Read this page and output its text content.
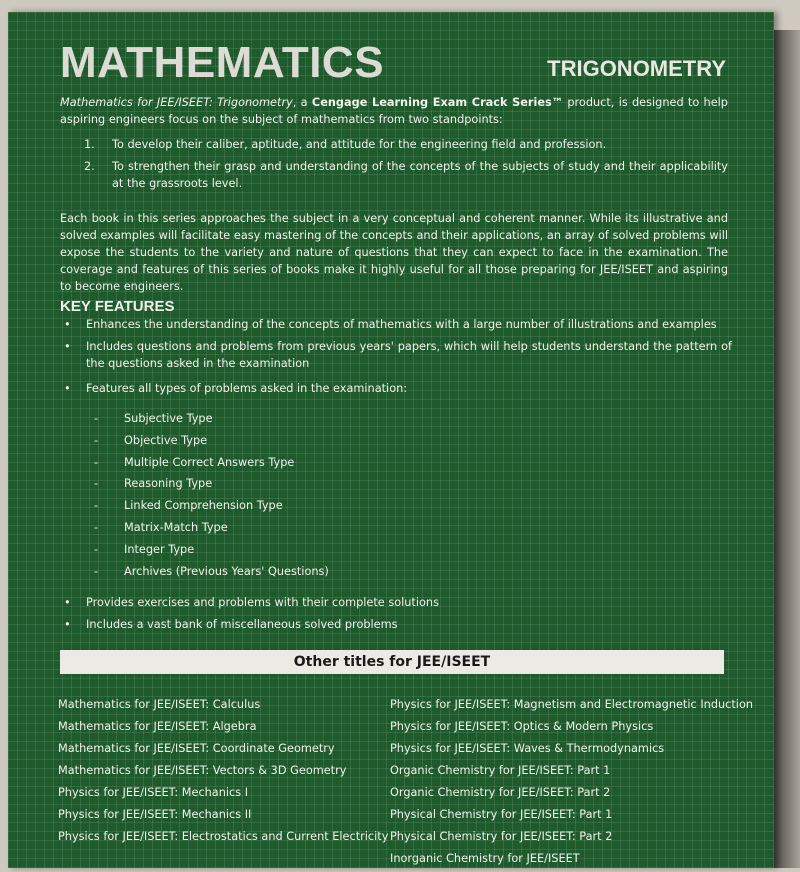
MATHEMATICS	TRIGONOMETRY
Mathematics for JEE/ISEET: Trigonometry, a Cengage Learning Exam Crack Series™ product, is designed to help aspiring engineers focus on the subject of mathematics from two standpoints:
1.	To develop their caliber, aptitude, and attitude for the engineering field and profession.
2.	To strengthen their grasp and understanding of the concepts of the subjects of study and their applicability at the grassroots level.
Each book in this series approaches the subject in a very conceptual and coherent manner. While its illustrative and solved examples will facilitate easy mastering of the concepts and their applications, an array of solved problems will expose the students to the variety and nature of questions that they can expect to face in the examination. The coverage and features of this series of books make it highly useful for all those preparing for JEE/ISEET and aspiring to become engineers.
KEY FEATURES
•	Enhances the understanding of the concepts of mathematics with a large number of illustrations and examples
•	Includes questions and problems from previous years' papers, which will help students understand the pattern of the questions asked in the examination
•	Features all types of problems asked in the examination:
-	Subjective Type
-	Objective Type
-	Multiple Correct Answers Type
-	Reasoning Type
-	Linked Comprehension Type
-	Matrix-Match Type
-	Integer Type
-	Archives (Previous Years' Questions)
•	Provides exercises and problems with their complete solutions
•	Includes a vast bank of miscellaneous solved problems
Other titles for JEE/ISEET
Mathematics for JEE/ISEET: Calculus
Mathematics for JEE/ISEET: Algebra
Mathematics for JEE/ISEET: Coordinate Geometry
Mathematics for JEE/ISEET: Vectors & 3D Geometry
Physics for JEE/ISEET: Mechanics I
Physics for JEE/ISEET: Mechanics II
Physics for JEE/ISEET: Electrostatics and Current Electricity
Physics for JEE/ISEET: Magnetism and Electromagnetic Induction
Physics for JEE/ISEET: Optics & Modern Physics
Physics for JEE/ISEET: Waves & Thermodynamics
Organic Chemistry for JEE/ISEET: Part 1
Organic Chemistry for JEE/ISEET: Part 2
Physical Chemistry for JEE/ISEET: Part 1
Physical Chemistry for JEE/ISEET: Part 2
Inorganic Chemistry for JEE/ISEET
